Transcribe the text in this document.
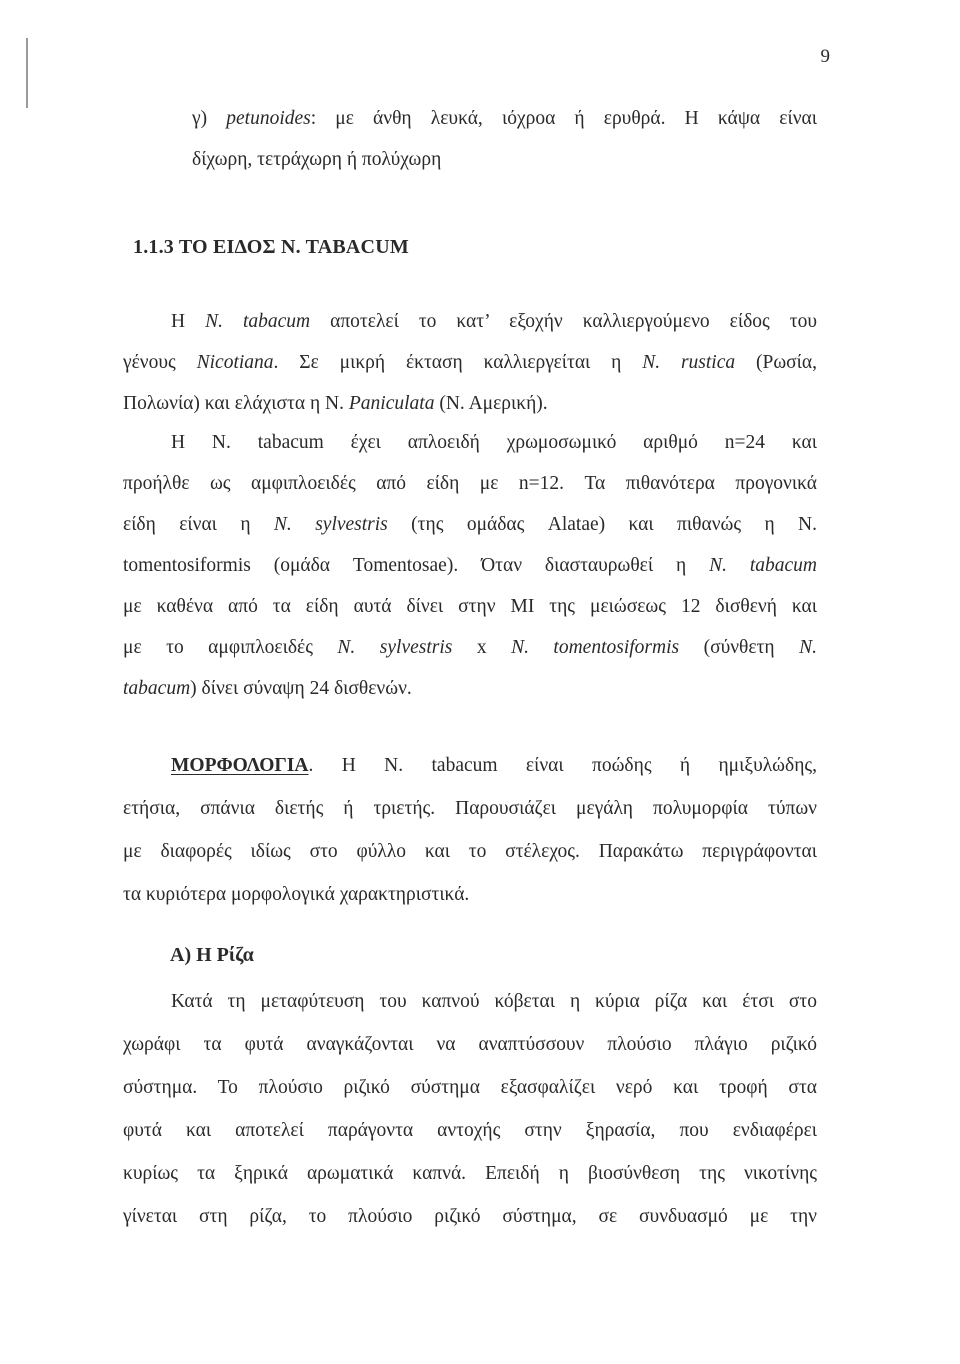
9
γ) petunoides: με άνθη λευκά, ιόχροα ή ερυθρά. Η κάψα είναι
δίχωρη, τετράχωρη ή πολύχωρη
1.1.3 ΤΟ ΕΙΔΟΣ N. TABACUM
Η N. tabacum αποτελεί το κατ’ εξοχήν καλλιεργούμενο είδος του
γένους Nicotiana. Σε μικρή έκταση καλλιεργείται η N. rustica (Ρωσία,
Πολωνία) και ελάχιστα η N. Paniculata (Ν. Αμερική).
Η N. tabacum έχει απλοειδή χρωμοσωμικό αριθμό n=24 και
προήλθε ως αμφιπλοειδές από είδη με n=12. Τα πιθανότερα προγονικά
είδη είναι η N. sylvestris (της ομάδας Alatae) και πιθανώς η N.
tomentosiformis (ομάδα Tomentosae). Όταν διασταυρωθεί η N. tabacum
με καθένα από τα είδη αυτά δίνει στην MI της μειώσεως 12 δισθενή και
με το αμφιπλοειδές N. sylvestris x N. tomentosiformis (σύνθετη N.
tabacum) δίνει σύναψη 24 δισθενών.
ΜΟΡΦΟΛΟΓΙΑ. Η N. tabacum είναι ποώδης ή ημιξυλώδης,
ετήσια, σπάνια διετής ή τριετής. Παρουσιάζει μεγάλη πολυμορφία τύπων
με διαφορές ιδίως στο φύλλο και το στέλεχος. Παρακάτω περιγράφονται
τα κυριότερα μορφολογικά χαρακτηριστικά.
Α) Η Ρίζα
Κατά τη μεταφύτευση του καπνού κόβεται η κύρια ρίζα και έτσι στο
χωράφι τα φυτά αναγκάζονται να αναπτύσσουν πλούσιο πλάγιο ριζικό
σύστημα. Το πλούσιο ριζικό σύστημα εξασφαλίζει νερό και τροφή στα
φυτά και αποτελεί παράγοντα αντοχής στην ξηρασία, που ενδιαφέρει
κυρίως τα ξηρικά αρωματικά καπνά. Επειδή η βιοσύνθεση της νικοτίνης
γίνεται στη ρίζα, το πλούσιο ριζικό σύστημα, σε συνδυασμό με την
